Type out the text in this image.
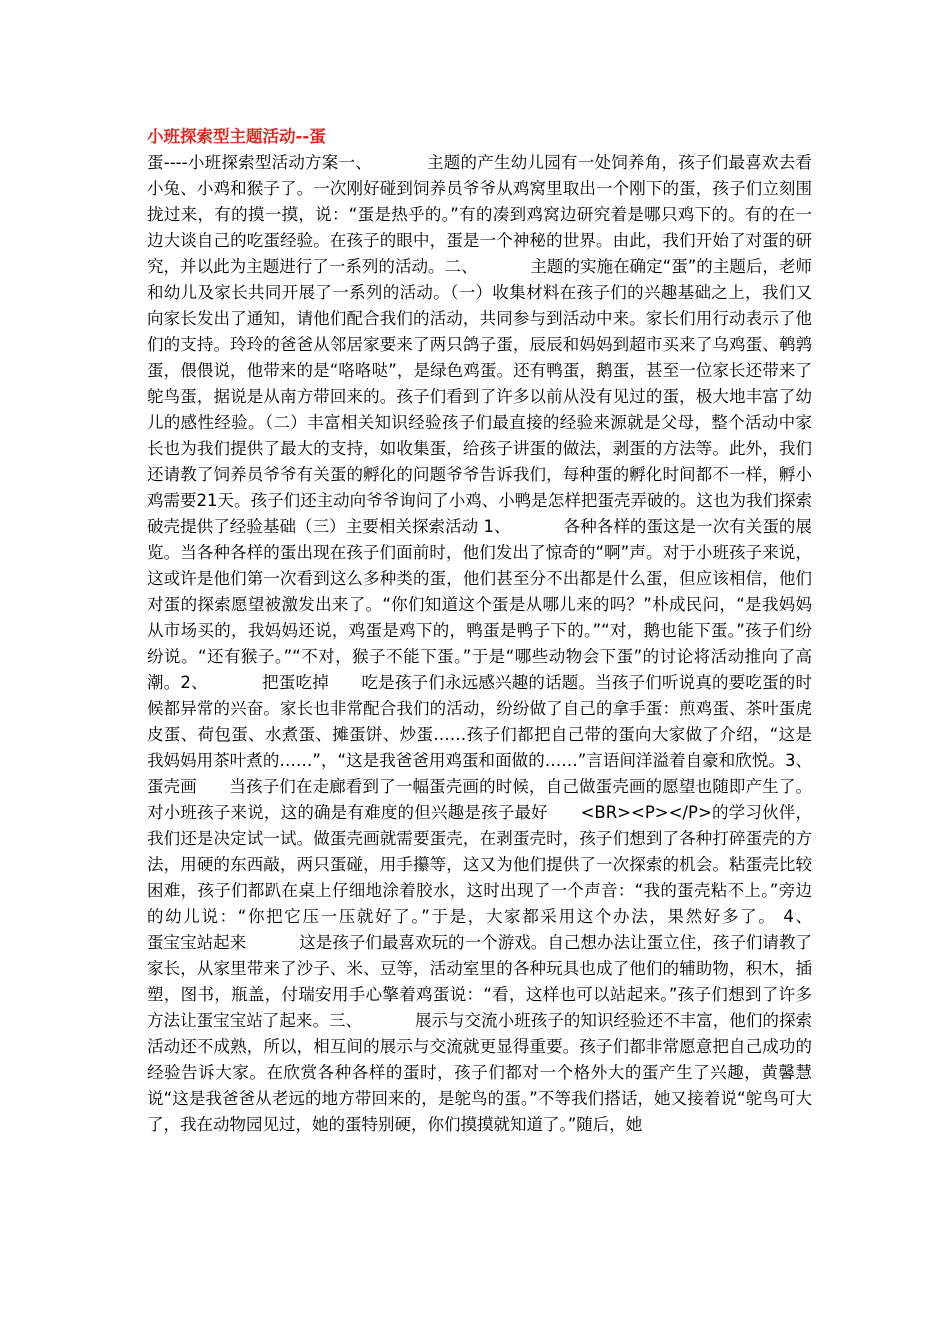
小班探索型主题活动--蛋
蛋----小班探索型活动方案一、          主题的产生幼儿园有一处饲养角，孩子们最喜欢去看小兔、小鸡和猴子了。一次刚好碰到饲养员爷爷从鸡窝里取出一个刚下的蛋，孩子们立刻围拢过来，有的摸一摸，说：“蛋是热乎的。”有的凑到鸡窝边研究着是哪只鸡下的。有的在一边大谈自己的吃蛋经验。在孩子的眼中，蛋是一个神秘的世界。由此，我们开始了对蛋的研究，并以此为主题进行了一系列的活动。二、          主题的实施在确定“蛋”的主题后，老师和幼儿及家长共同开展了一系列的活动。（一）收集材料在孩子们的兴趣基础之上，我们又向家长发出了通知，请他们配合我们的活动，共同参与到活动中来。家长们用行动表示了他们的支持。玲玲的爸爸从邻居家要来了两只鸽子蛋，辰辰和妈妈到超市买来了乌鸡蛋、鹌鹑蛋，偎偎说，他带来的是“咯咯哒”，是绿色鸡蛋。还有鸭蛋，鹅蛋，甚至一位家长还带来了鸵鸟蛋，据说是从南方带回来的。孩子们看到了许多以前从没有见过的蛋，极大地丰富了幼儿的感性经验。（二）丰富相关知识经验孩子们最直接的经验来源就是父母，整个活动中家长也为我们提供了最大的支持，如收集蛋，给孩子讲蛋的做法，剥蛋的方法等。此外，我们还请教了饲养员爷爷有关蛋的孵化的问题爷爷告诉我们，每种蛋的孵化时间都不一样，孵小鸡需要21天。孩子们还主动向爷爷询问了小鸡、小鸭是怎样把蛋壳弄破的。这也为我们探索破壳提供了经验基础（三）主要相关探索活动 1、          各种各样的蛋这是一次有关蛋的展览。当各种各样的蛋出现在孩子们面前时，他们发出了惊奇的“啊”声。对于小班孩子来说，这或许是他们第一次看到这么多种类的蛋，他们甚至分不出都是什么蛋，但应该相信，他们对蛋的探索愿望被激发出来了。“你们知道这个蛋是从哪儿来的吗？”朴成民问，“是我妈妈从市场买的，我妈妈还说，鸡蛋是鸡下的，鸭蛋是鸭子下的。”“对，鹅也能下蛋。”孩子们纷纷说。“还有猴子。”“不对，猴子不能下蛋。”于是“哪些动物会下蛋”的讨论将活动推向了高潮。2、          把蛋吃掉      吃是孩子们永远感兴趣的话题。当孩子们听说真的要吃蛋的时候都异常的兴奋。家长也非常配合我们的活动，纷纷做了自己的拿手蛋：煎鸡蛋、茶叶蛋虎皮蛋、荷包蛋、水煮蛋、摊蛋饼、炒蛋……孩子们都把自己带的蛋向大家做了介绍，“这是我妈妈用茶叶煮的……”，“这是我爸爸用鸡蛋和面做的……”言语间洋溢着自豪和欣悦。3、          蛋壳画      当孩子们在走廊看到了一幅蛋壳画的时候，自己做蛋壳画的愿望也随即产生了。对小班孩子来说，这的确是有难度的但兴趣是孩子最好      <BR><P></P>的学习伙伴，我们还是决定试一试。做蛋壳画就需要蛋壳，在剥蛋壳时，孩子们想到了各种打碎蛋壳的方法，用硬的东西敲，两只蛋碰，用手攥等，这又为他们提供了一次探索的机会。粘蛋壳比较困难，孩子们都趴在桌上仔细地涂着胶水，这时出现了一个声音：“我的蛋壳粘不上。”旁边的幼儿说：“你把它压一压就好了。”于是，大家都采用这个办法，果然好多了。 4、          蛋宝宝站起来          这是孩子们最喜欢玩的一个游戏。自己想办法让蛋立住，孩子们请教了家长，从家里带来了沙子、米、豆等，活动室里的各种玩具也成了他们的辅助物，积木，插塑，图书，瓶盖，付瑞安用手心擎着鸡蛋说：“看，这样也可以站起来。”孩子们想到了许多方法让蛋宝宝站了起来。三、          展示与交流小班孩子的知识经验还不丰富，他们的探索活动还不成熟，所以，相互间的展示与交流就更显得重要。孩子们都非常愿意把自己成功的经验告诉大家。在欣赏各种各样的蛋时，孩子们都对一个格外大的蛋产生了兴趣，黄馨慧说“这是我爸爸从老远的地方带回来的，是鸵鸟的蛋。”不等我们搭话，她又接着说“鸵鸟可大了，我在动物园见过，她的蛋特别硬，你们摸摸就知道了。”随后，她
